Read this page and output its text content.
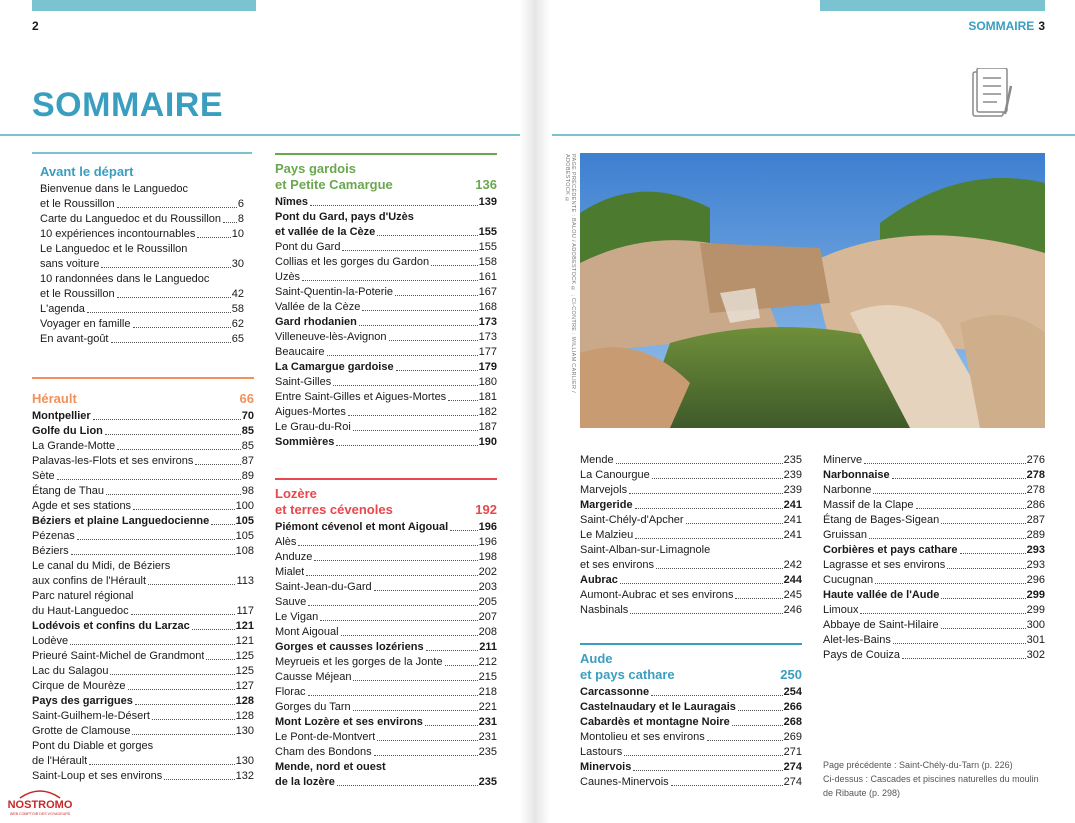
2	SOMMAIRE 3
SOMMAIRE
Avant le départ
Bienvenue dans le Languedoc
et le Roussillon	6
Carte du Languedoc et du Roussillon 8
10 expériences incontournables	10
Le Languedoc et le Roussillon
sans voiture	30
10 randonnées dans le Languedoc
et le Roussillon	42
L'agenda	58
Voyager en famille	62
En avant-goût	65
Hérault	66
Montpellier	70
Golfe du Lion	85
La Grande-Motte	85
Palavas-les-Flots et ses environs	87
Sète	89
Étang de Thau	98
Agde et ses stations	100
Béziers et plaine Languedocienne 105
Pézenas	105
Béziers	108
Le canal du Midi, de Béziers
aux confins de l'Hérault	113
Parc naturel régional
du Haut-Languedoc	117
Lodévois et confins du Larzac	121
Lodève	121
Prieuré Saint-Michel de Grandmont	125
Lac du Salagou	125
Cirque de Mourèze	127
Pays des garrigues	128
Saint-Guilhem-le-Désert	128
Grotte de Clamouse	130
Pont du Diable et gorges
de l'Hérault	130
Saint-Loup et ses environs	132
Pays gardois
et Petite Camargue	136
Nîmes	139
Pont du Gard, pays d'Uzès
et vallée de la Cèze	155
Pont du Gard	155
Collias et les gorges du Gardon	158
Uzès	161
Saint-Quentin-la-Poterie	167
Vallée de la Cèze	168
Gard rhodanien	173
Villeneuve-lès-Avignon	173
Beaucaire	177
La Camargue gardoise	179
Saint-Gilles	180
Entre Saint-Gilles et Aigues-Mortes	181
Aigues-Mortes	182
Le Grau-du-Roi	187
Sommières	190
Lozère
et terres cévenoles	192
Piémont cévenol et mont Aigoual	196
Alès	196
Anduze	198
Mialet	202
Saint-Jean-du-Gard	203
Sauve	205
Le Vigan	207
Mont Aigoual	208
Gorges et causses lozériens	211
Meyrueis et les gorges de la Jonte	212
Causse Méjean	215
Florac	218
Gorges du Tarn	221
Mont Lozère et ses environs	231
Le Pont-de-Montvert	231
Cham des Bondons	235
Mende, nord et ouest
de la lozère	235
PAGE PRÉCÉDENTE : BALOU / ADOBESTOCK © ; CI-CONTRE : WILLIAM CARLIER / ADOBESTOCK ©
Mende	235
La Canourgue	239
Marvejols	239
Margeride	241
Saint-Chély-d'Apcher	241
Le Malzieu	241
Saint-Alban-sur-Limagnole
et ses environs	242
Aubrac	244
Aumont-Aubrac et ses environs	245
Nasbinals	246
Aude
et pays cathare	250
Carcassonne	254
Castelnaudary et le Lauragais	266
Cabardès et montagne Noire	268
Montolieu et ses environs	269
Lastours	271
Minervois	274
Caunes-Minervois	274
Minerve	276
Narbonnaise	278
Narbonne	278
Massif de la Clape	286
Étang de Bages-Sigean	287
Gruissan	289
Corbières et pays cathare	293
Lagrasse et ses environs	293
Cucugnan	296
Haute vallée de l'Aude	299
Limoux	299
Abbaye de Saint-Hilaire	300
Alet-les-Bains	301
Pays de Couiza	302
Page précédente : Saint-Chély-du-Tarn (p. 226)
Ci-dessus : Cascades et piscines naturelles du moulin
de Ribaute (p. 298)
NOSTROMO
WEB COMPTOIR DES VOYAGEURS
